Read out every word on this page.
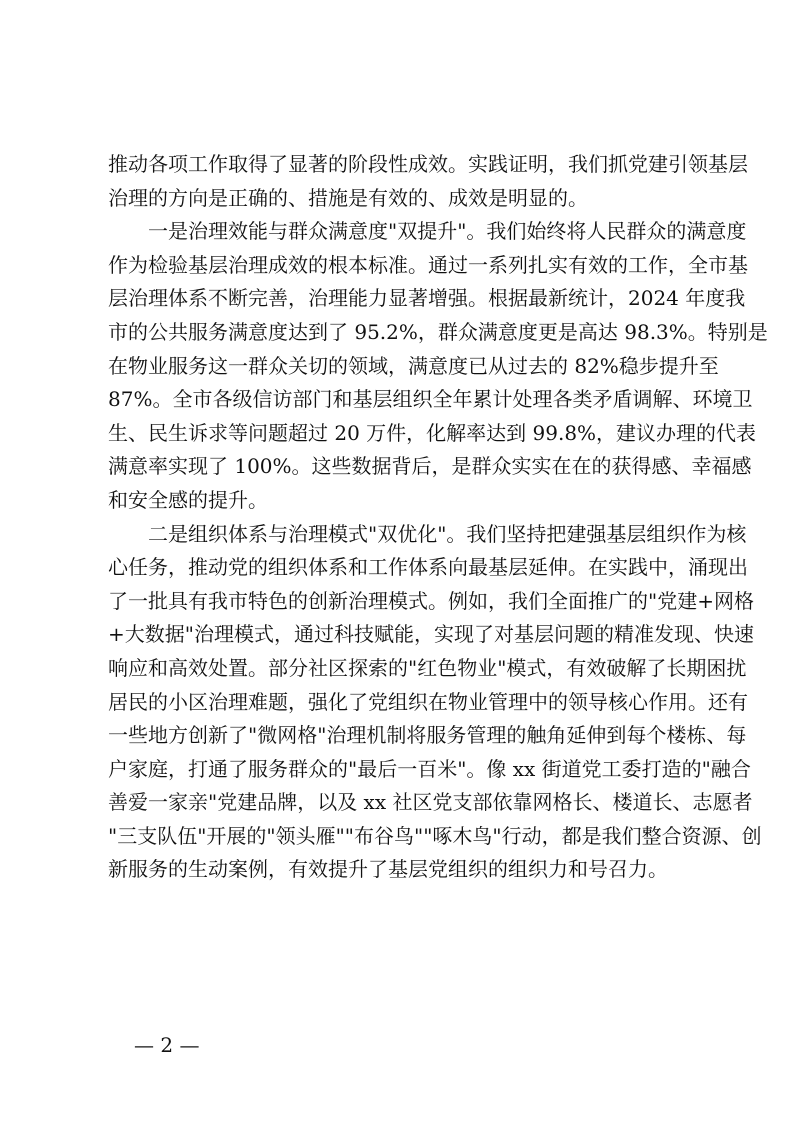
推动各项工作取得了显著的阶段性成效。实践证明，我们抓党建引领基层
治理的方向是正确的、措施是有效的、成效是明显的。
一是治理效能与群众满意度"双提升"。我们始终将人民群众的满意度
作为检验基层治理成效的根本标准。通过一系列扎实有效的工作，全市基
层治理体系不断完善，治理能力显著增强。根据最新统计，2024 年度我
市的公共服务满意度达到了 95.2%，群众满意度更是高达 98.3%。特别是
在物业服务这一群众关切的领域，满意度已从过去的 82%稳步提升至
87%。全市各级信访部门和基层组织全年累计处理各类矛盾调解、环境卫
生、民生诉求等问题超过 20 万件，化解率达到 99.8%，建议办理的代表
满意率实现了 100%。这些数据背后，是群众实实在在的获得感、幸福感
和安全感的提升。
二是组织体系与治理模式"双优化"。我们坚持把建强基层组织作为核
心任务，推动党的组织体系和工作体系向最基层延伸。在实践中，涌现出
了一批具有我市特色的创新治理模式。例如，我们全面推广的"党建+网格
+大数据"治理模式，通过科技赋能，实现了对基层问题的精准发现、快速
响应和高效处置。部分社区探索的"红色物业"模式，有效破解了长期困扰
居民的小区治理难题，强化了党组织在物业管理中的领导核心作用。还有
一些地方创新了"微网格"治理机制将服务管理的触角延伸到每个楼栋、每
户家庭，打通了服务群众的"最后一百米"。像 xx 街道党工委打造的"融合
善爱一家亲"党建品牌，以及 xx 社区党支部依靠网格长、楼道长、志愿者
"三支队伍"开展的"领头雁""布谷鸟""啄木鸟"行动，都是我们整合资源、创
新服务的生动案例，有效提升了基层党组织的组织力和号召力。
— 2 —
